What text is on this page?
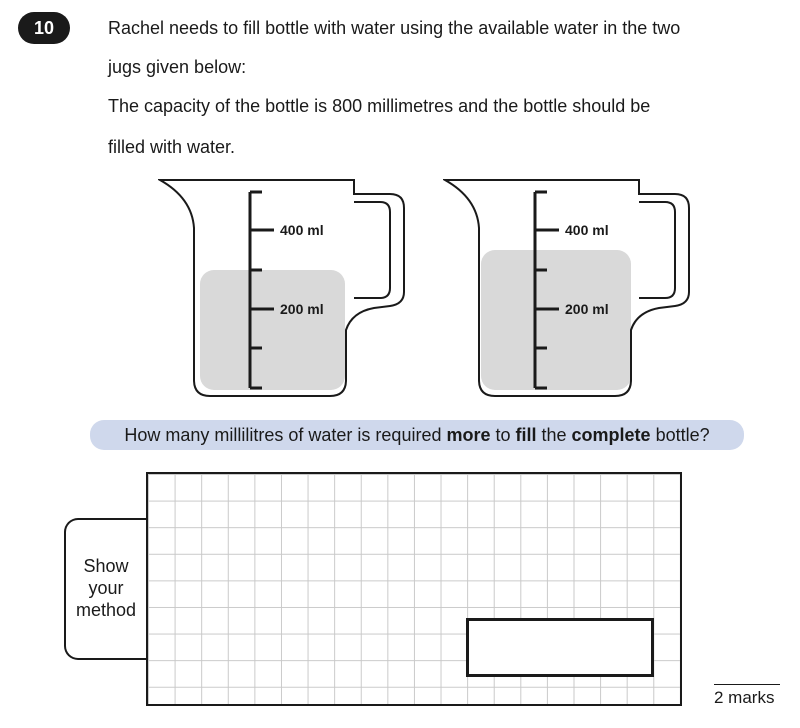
10	Rachel needs to fill bottle with water using the available water in the two
jugs given below:
The capacity of the bottle is 800 millimetres and the bottle should be
filled with water.
400 ml
200 ml
400 ml
200 ml
How many millilitres of water is required more to fill the complete bottle?
Show
your
method
2 marks
